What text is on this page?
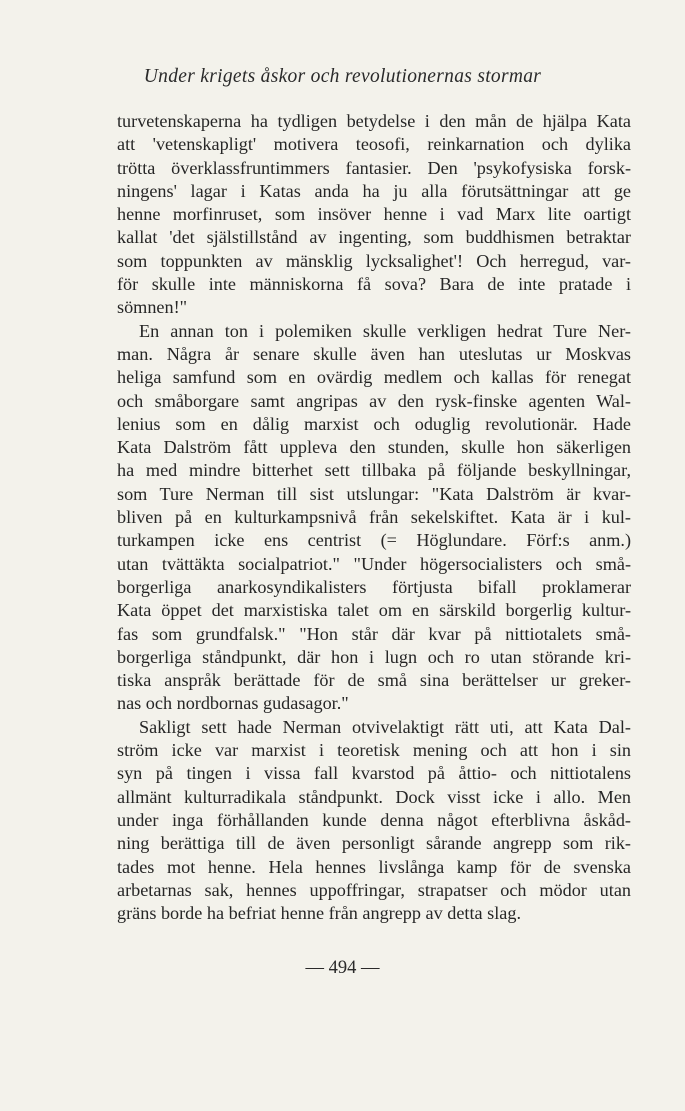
Under krigets åskor och revolutionernas stormar
turvetenskaperna ha tydligen betydelse i den mån de hjälpa Kata
att 'vetenskapligt' motivera teosofi, reinkarnation och dylika
trötta överklassfruntimmers fantasier. Den 'psykofysiska forsk-
ningens' lagar i Katas anda ha ju alla förutsättningar att ge
henne morfinruset, som insöver henne i vad Marx lite oartigt
kallat 'det själstillstånd av ingenting, som buddhismen betraktar
som toppunkten av mänsklig lycksalighet'! Och herregud, var-
för skulle inte människorna få sova? Bara de inte pratade i
sömnen!"
En annan ton i polemiken skulle verkligen hedrat Ture Ner-
man. Några år senare skulle även han uteslutas ur Moskvas
heliga samfund som en ovärdig medlem och kallas för renegat
och småborgare samt angripas av den rysk-finske agenten Wal-
lenius som en dålig marxist och oduglig revolutionär. Hade
Kata Dalström fått uppleva den stunden, skulle hon säkerligen
ha med mindre bitterhet sett tillbaka på följande beskyllningar,
som Ture Nerman till sist utslungar: "Kata Dalström är kvar-
bliven på en kulturkampsnivå från sekelskiftet. Kata är i kul-
turkampen icke ens centrist (= Höglundare. Förf:s anm.)
utan tvättäkta socialpatriot." "Under högersocialisters och små-
borgerliga anarkosyndikalisters förtjusta bifall proklamerar
Kata öppet det marxistiska talet om en särskild borgerlig kultur-
fas som grundfalsk." "Hon står där kvar på nittiotalets små-
borgerliga ståndpunkt, där hon i lugn och ro utan störande kri-
tiska anspråk berättade för de små sina berättelser ur greker-
nas och nordbornas gudasagor."
Sakligt sett hade Nerman otvivelaktigt rätt uti, att Kata Dal-
ström icke var marxist i teoretisk mening och att hon i sin
syn på tingen i vissa fall kvarstod på åttio- och nittiotalens
allmänt kulturradikala ståndpunkt. Dock visst icke i allo. Men
under inga förhållanden kunde denna något efterblivna åskåd-
ning berättiga till de även personligt sårande angrepp som rik-
tades mot henne. Hela hennes livslånga kamp för de svenska
arbetarnas sak, hennes uppoffringar, strapatser och mödor utan
gräns borde ha befriat henne från angrepp av detta slag.
— 494 —
